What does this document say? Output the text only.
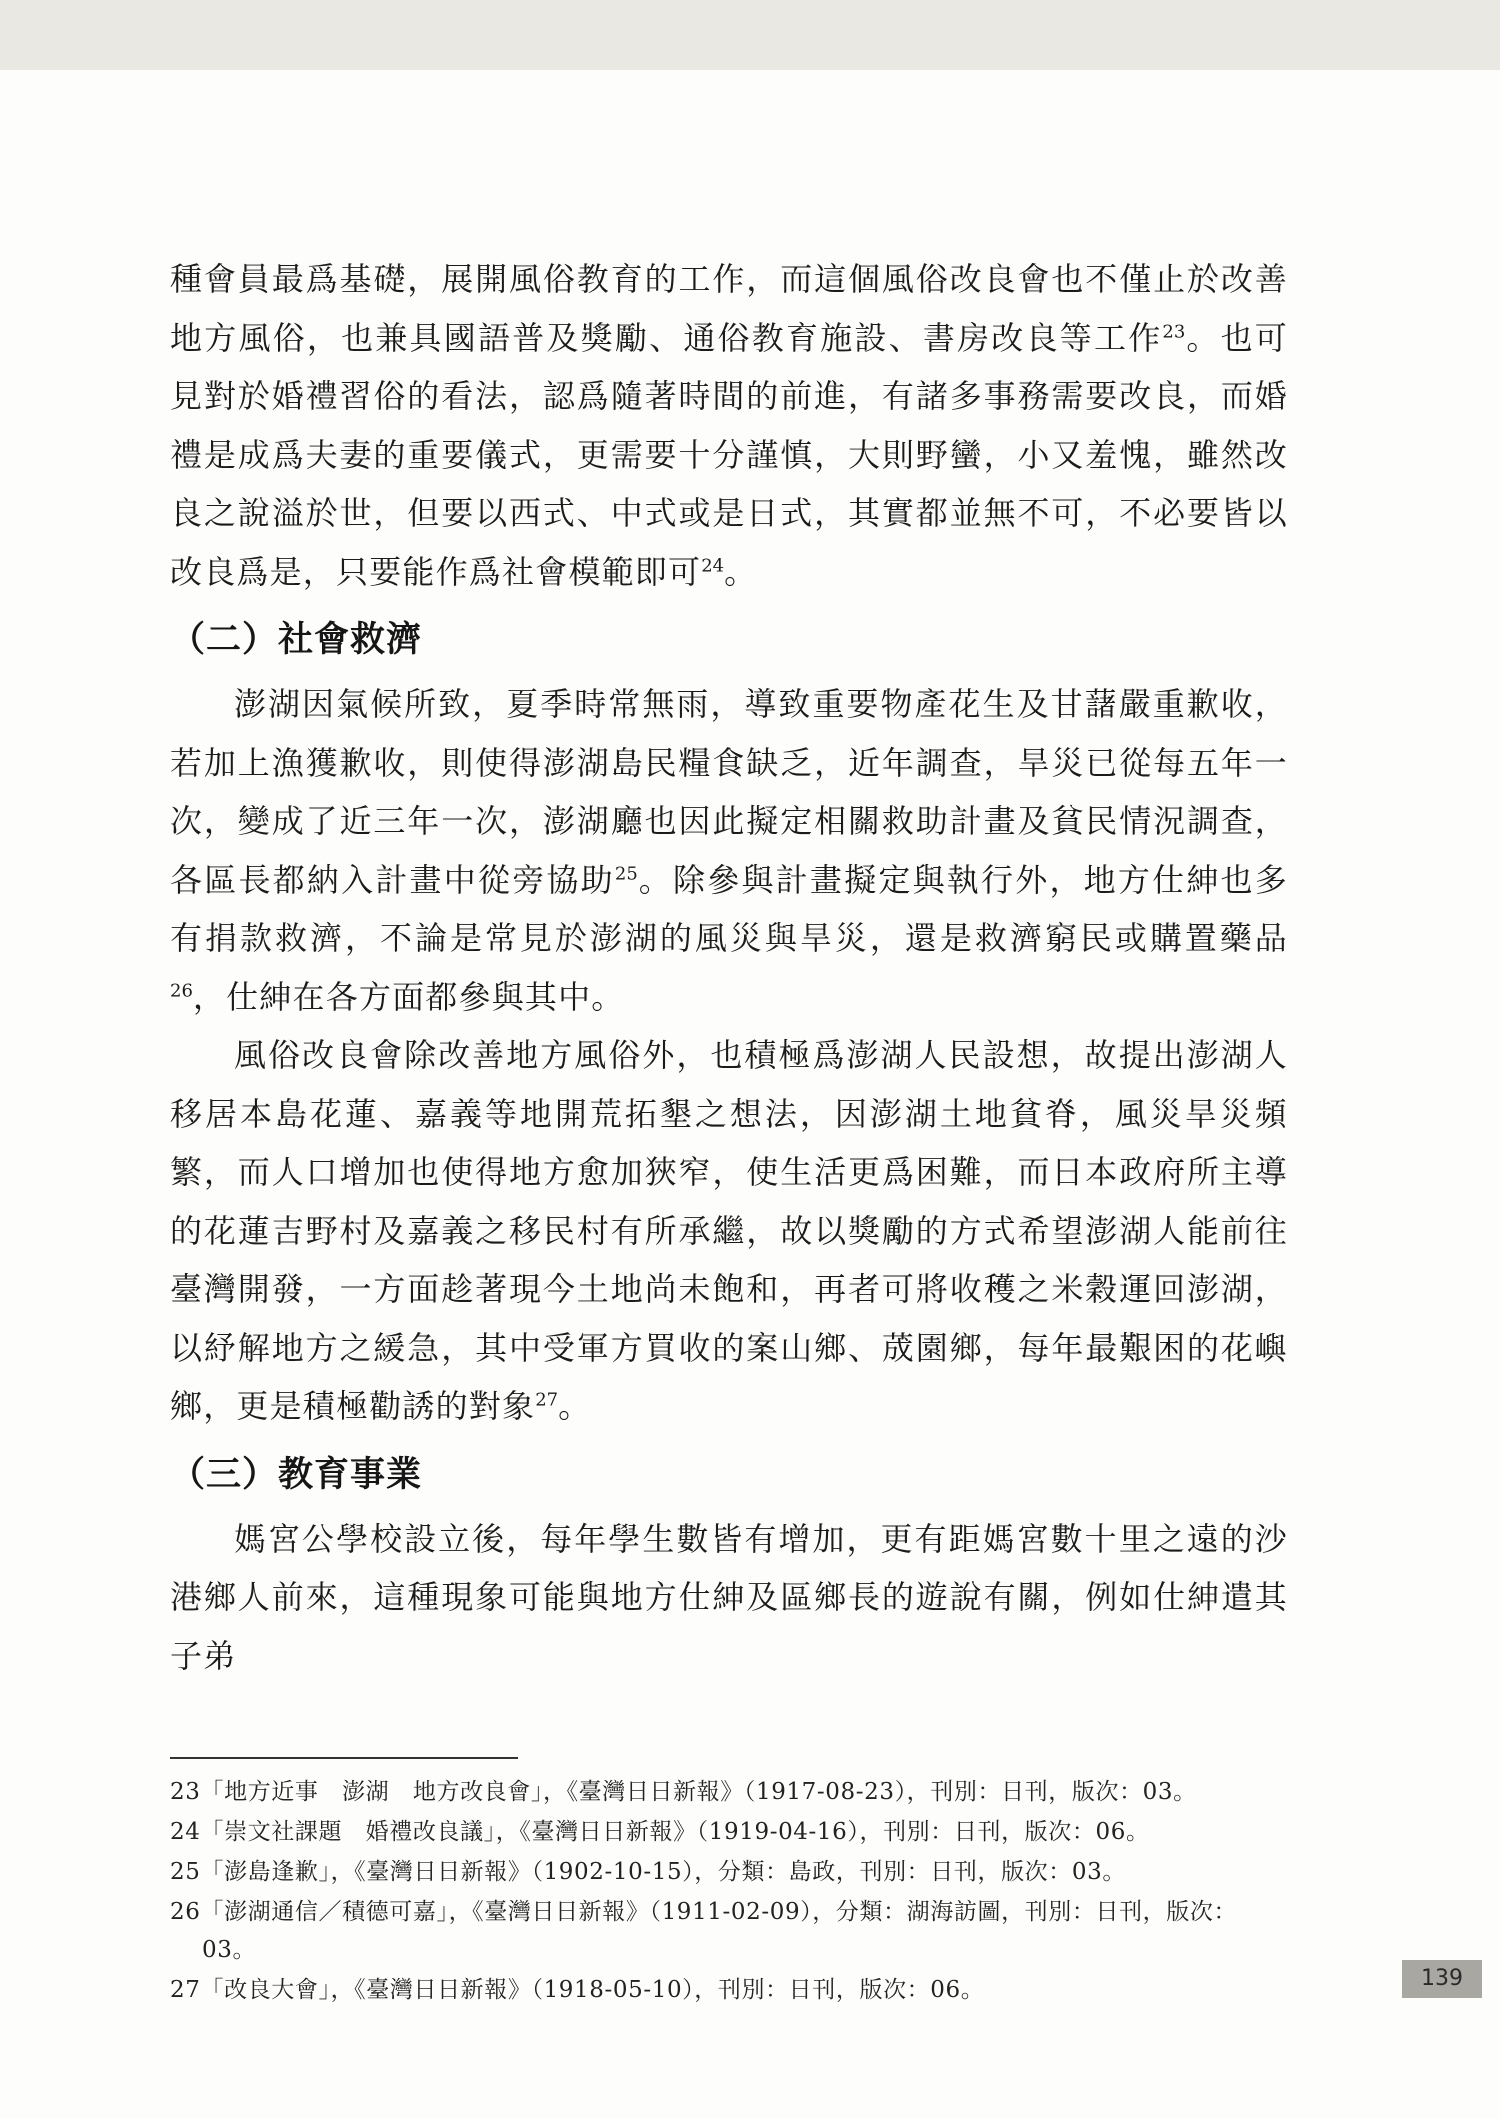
種會員最爲基礎，展開風俗教育的工作，而這個風俗改良會也不僅止於改善地方風俗，也兼具國語普及獎勵、通俗教育施設、書房改良等工作$^{23}$。也可見對於婚禮習俗的看法，認爲隨著時間的前進，有諸多事務需要改良，而婚禮是成爲夫妻的重要儀式，更需要十分謹慎，大則野蠻，小又羞愧，雖然改良之說溢於世，但要以西式、中式或是日式，其實都並無不可，不必要皆以改良爲是，只要能作爲社會模範即可$^{24}$。

（二）社會救濟

澎湖因氣候所致，夏季時常無雨，導致重要物產花生及甘藷嚴重歉收，若加上漁獲歉收，則使得澎湖島民糧食缺乏，近年調查，旱災已從每五年一次，變成了近三年一次，澎湖廳也因此擬定相關救助計畫及貧民情況調查，各區長都納入計畫中從旁協助$^{25}$。除參與計畫擬定與執行外，地方仕紳也多有捐款救濟，不論是常見於澎湖的風災與旱災，還是救濟窮民或購置藥品$^{26}$，仕紳在各方面都參與其中。

風俗改良會除改善地方風俗外，也積極爲澎湖人民設想，故提出澎湖人移居本島花蓮、嘉義等地開荒拓墾之想法，因澎湖土地貧脊，風災旱災頻繁，而人口增加也使得地方愈加狹窄，使生活更爲困難，而日本政府所主導的花蓮吉野村及嘉義之移民村有所承繼，故以獎勵的方式希望澎湖人能前往臺灣開發，一方面趁著現今土地尚未飽和，再者可將收穫之米穀運回澎湖，以紓解地方之緩急，其中受軍方買收的案山鄉、荿園鄉，每年最艱困的花嶼鄉，更是積極勸誘的對象$^{27}$。

（三）教育事業

媽宮公學校設立後，每年學生數皆有增加，更有距媽宮數十里之遠的沙港鄉人前來，這種現象可能與地方仕紳及區鄉長的遊說有關，例如仕紳遣其子弟

23「地方近事　澎湖　地方改良會」，《臺灣日日新報》（1917-08-23），刊別：日刊，版次：03。

24「崇文社課題　婚禮改良議」，《臺灣日日新報》（1919-04-16），刊別：日刊，版次：06。

25「澎島逢歉」，《臺灣日日新報》（1902-10-15），分類：島政，刊別：日刊，版次：03。

26「澎湖通信／積德可嘉」，《臺灣日日新報》（1911-02-09），分類：湖海訪圖，刊別：日刊，版次：03。

27「改良大會」，《臺灣日日新報》（1918-05-10），刊別：日刊，版次：06。	139
